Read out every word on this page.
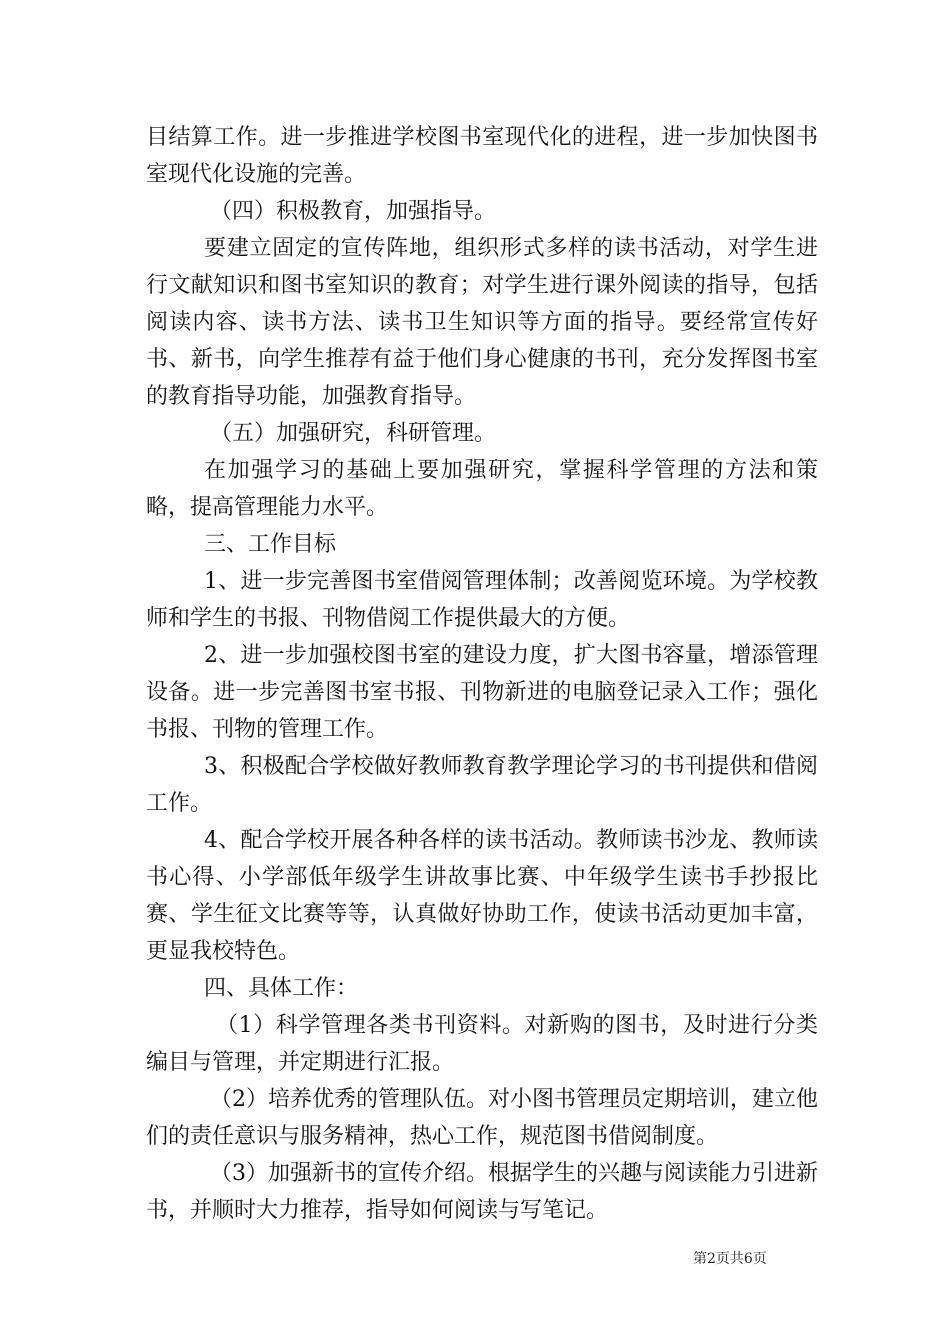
目结算工作。进一步推进学校图书室现代化的进程，进一步加快图书室现代化设施的完善。

（四）积极教育，加强指导。

要建立固定的宣传阵地，组织形式多样的读书活动，对学生进行文献知识和图书室知识的教育；对学生进行课外阅读的指导，包括阅读内容、读书方法、读书卫生知识等方面的指导。要经常宣传好书、新书，向学生推荐有益于他们身心健康的书刊，充分发挥图书室的教育指导功能，加强教育指导。

（五）加强研究，科研管理。

在加强学习的基础上要加强研究，掌握科学管理的方法和策略，提高管理能力水平。

三、工作目标

1、进一步完善图书室借阅管理体制；改善阅览环境。为学校教师和学生的书报、刊物借阅工作提供最大的方便。

2、进一步加强校图书室的建设力度，扩大图书容量，增添管理设备。进一步完善图书室书报、刊物新进的电脑登记录入工作；强化书报、刊物的管理工作。

3、积极配合学校做好教师教育教学理论学习的书刊提供和借阅工作。

4、配合学校开展各种各样的读书活动。教师读书沙龙、教师读书心得、小学部低年级学生讲故事比赛、中年级学生读书手抄报比赛、学生征文比赛等等，认真做好协助工作，使读书活动更加丰富，更显我校特色。

四、具体工作：

（1）科学管理各类书刊资料。对新购的图书，及时进行分类编目与管理，并定期进行汇报。

（2）培养优秀的管理队伍。对小图书管理员定期培训，建立他们的责任意识与服务精神，热心工作，规范图书借阅制度。

（3）加强新书的宣传介绍。根据学生的兴趣与阅读能力引进新书，并顺时大力推荐，指导如何阅读与写笔记。

第2页共6页
